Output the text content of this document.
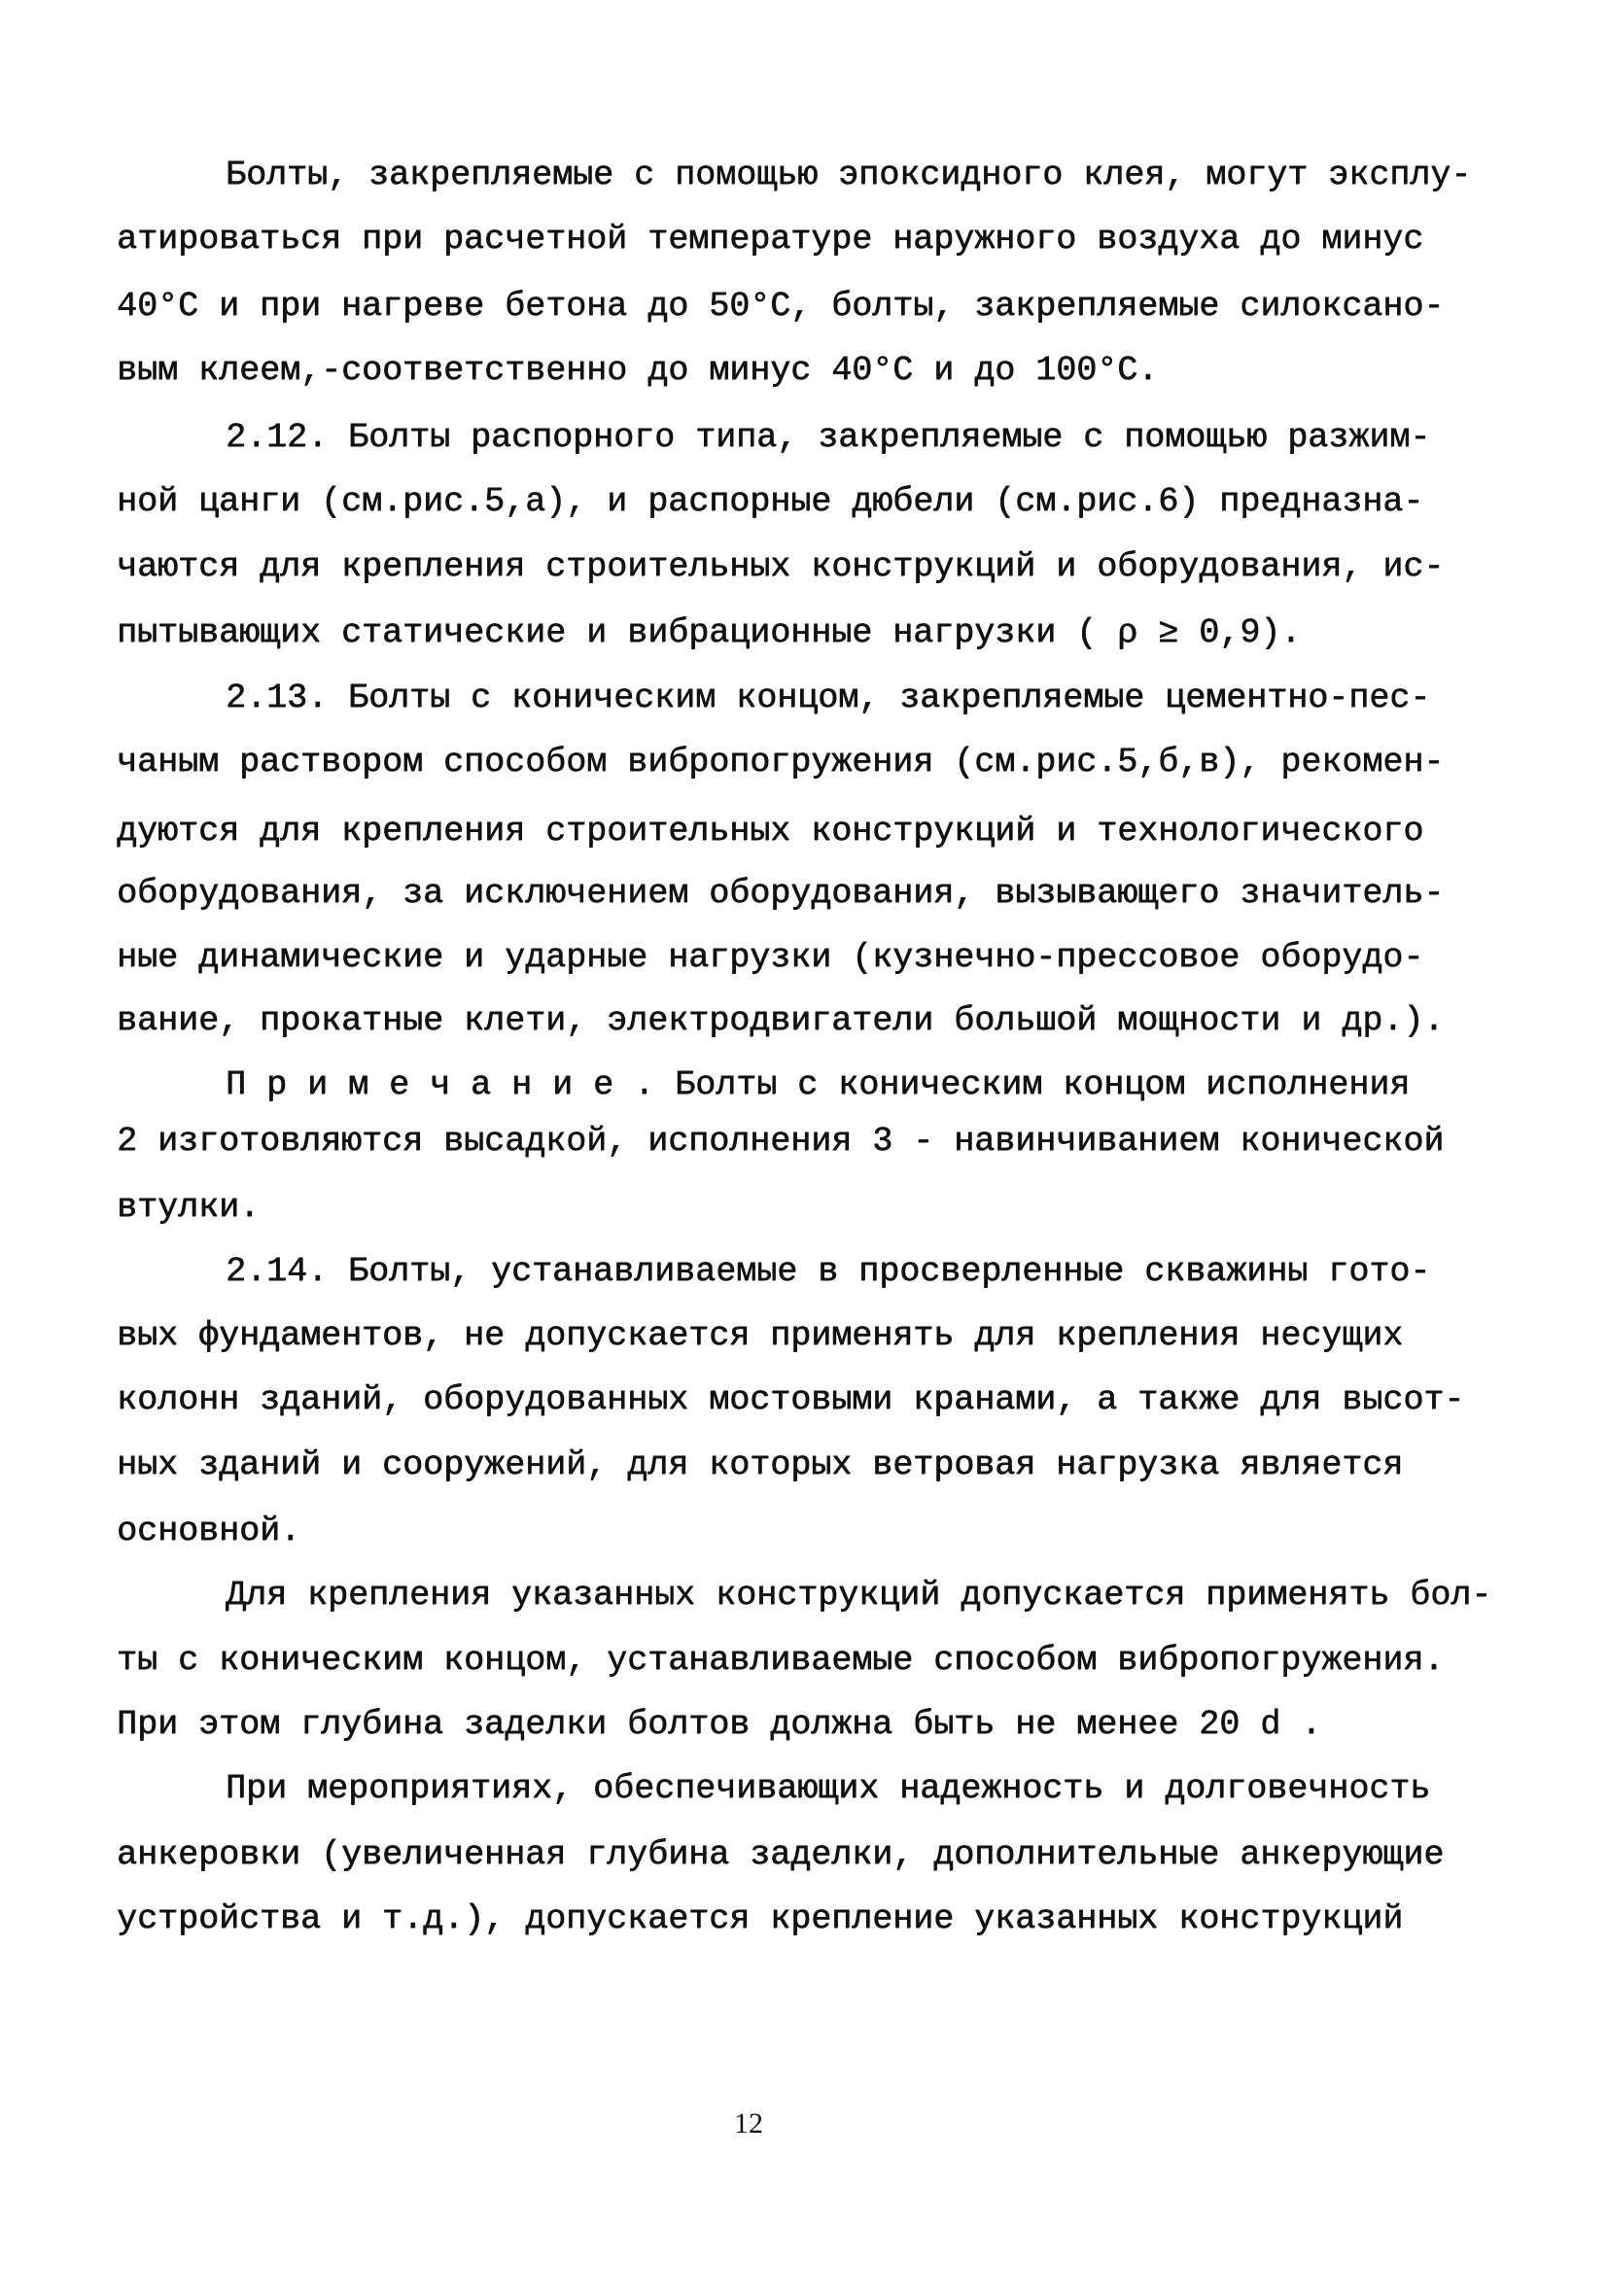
Болты, закрепляемые с помощью эпоксидного клея, могут эксплу-
атироваться при расчетной температуре наружного воздуха до минус
40°С и при нагреве бетона до 50°С, болты, закрепляемые силоксано-
вым клеем,-соответственно до минус 40°С и до 100°С.
2.12. Болты распорного типа, закрепляемые с помощью разжим-
ной цанги (см.рис.5,а), и распорные дюбели (см.рис.6) предназна-
чаются для крепления строительных конструкций и оборудования, ис-
пытывающих статические и вибрационные нагрузки ( ρ ≥ 0,9).
2.13. Болты с коническим концом, закрепляемые цементно-пес-
чаным раствором способом вибропогружения (см.рис.5,б,в), рекомен-
дуются для крепления строительных конструкций и технологического
оборудования, за исключением оборудования, вызывающего значитель-
ные динамические и ударные нагрузки (кузнечно-прессовое оборудо-
вание, прокатные клети, электродвигатели большой мощности и др.).
П р и м е ч а н и е . Болты с коническим концом исполнения
2 изготовляются высадкой, исполнения 3 - навинчиванием конической
втулки.
2.14. Болты, устанавливаемые в просверленные скважины гото-
вых фундаментов, не допускается применять для крепления несущих
колонн зданий, оборудованных мостовыми кранами, а также для высот-
ных зданий и сооружений, для которых ветровая нагрузка является
основной.
Для крепления указанных конструкций допускается применять бол-
ты с коническим концом, устанавливаемые способом вибропогружения.
При этом глубина заделки болтов должна быть не менее 20 d .
При мероприятиях, обеспечивающих надежность и долговечность
анкеровки (увеличенная глубина заделки, дополнительные анкерующие
устройства и т.д.), допускается крепление указанных конструкций
12
